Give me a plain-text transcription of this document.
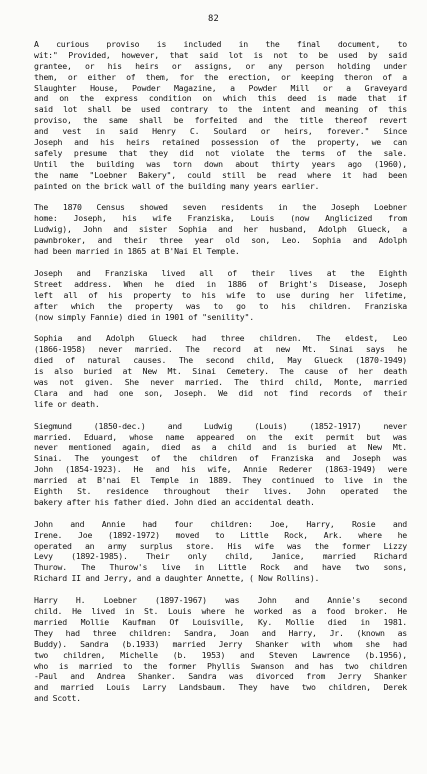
82
A curious proviso is included in the final document, to
wit:" Provided, however, that said lot is not to be used by said
grantee, or his heirs or assigns, or any person holding under
them, or either of them, for the erection, or keeping theron of a
Slaughter House, Powder Magazine, a Powder Mill or a Graveyard
and on the express condition on which this deed is made that if
said lot shall be used contrary to the intent and meaning of this
proviso, the same shall be forfeited and the title thereof revert
and vest in said Henry C. Soulard or heirs, forever." Since
Joseph and his heirs retained possession of the property, we can
safely presume that they did not violate the terms of the sale.
Until the building was torn down about thirty years ago (1960),
the name "Loebner Bakery", could still be read where it had been
painted on the brick wall of the building many years earlier.
The 1870 Census showed seven residents in the Joseph Loebner
home: Joseph, his wife Franziska, Louis (now Anglicized from
Ludwig), John and sister Sophia and her husband, Adolph Glueck, a
pawnbroker, and their three year old son, Leo. Sophia and Adolph
had been married in 1865 at B'Nai El Temple.
Joseph and Franziska lived all of their lives at the Eighth
Street address. When he died in 1886 of Bright's Disease, Joseph
left all of his property to his wife to use during her lifetime,
after which the property was to go to his children. Franziska
(now simply Fannie) died in 1901 of "senility".
Sophia and Adolph Glueck had three children. The eldest, Leo
(1866-1958) never married. The record at new Mt. Sinai says he
died of natural causes. The second child, May Glueck (1870-1949)
is also buried at New Mt. Sinai Cemetery. The cause of her death
was not given. She never married. The third child, Monte, married
Clara and had one son, Joseph. We did not find records of their
life or death.
Siegmund (1850-dec.) and Ludwig (Louis) (1852-1917) never
married. Eduard, whose name appeared on the exit permit but was
never mentioned again, died as a child and is buried at New Mt.
Sinai. The youngest of the children of Franziska and Joseph was
John (1854-1923). He and his wife, Annie Rederer (1863-1949) were
married at B'nai El Temple in 1889. They continued to live in the
Eighth St. residence throughout their lives. John operated the
bakery after his father died. John died an accidental death.
John and Annie had four children: Joe, Harry, Rosie and
Irene. Joe (1892-1972) moved to Little Rock, Ark. where he
operated an army surplus store. His wife was the former Lizzy
Levy (1892-1985). Their only child, Janice, married Richard
Thurow. The Thurow's live in Little Rock and have two sons,
Richard II and Jerry, and a daughter Annette, ( Now Rollins).
Harry H. Loebner (1897-1967) was John and Annie's second
child. He lived in St. Louis where he worked as a food broker. He
married Mollie Kaufman Of Louisville, Ky. Mollie died in 1981.
They had three children: Sandra, Joan and Harry, Jr. (known as
Buddy). Sandra (b.1933) married Jerry Shanker with whom she had
two children, Michelle (b. 1953) and Steven Lawrence (b.1956),
who is married to the former Phyllis Swanson and has two children
-Paul and Andrea Shanker. Sandra was divorced from Jerry Shanker
and married Louis Larry Landsbaum. They have two children, Derek
and Scott.
